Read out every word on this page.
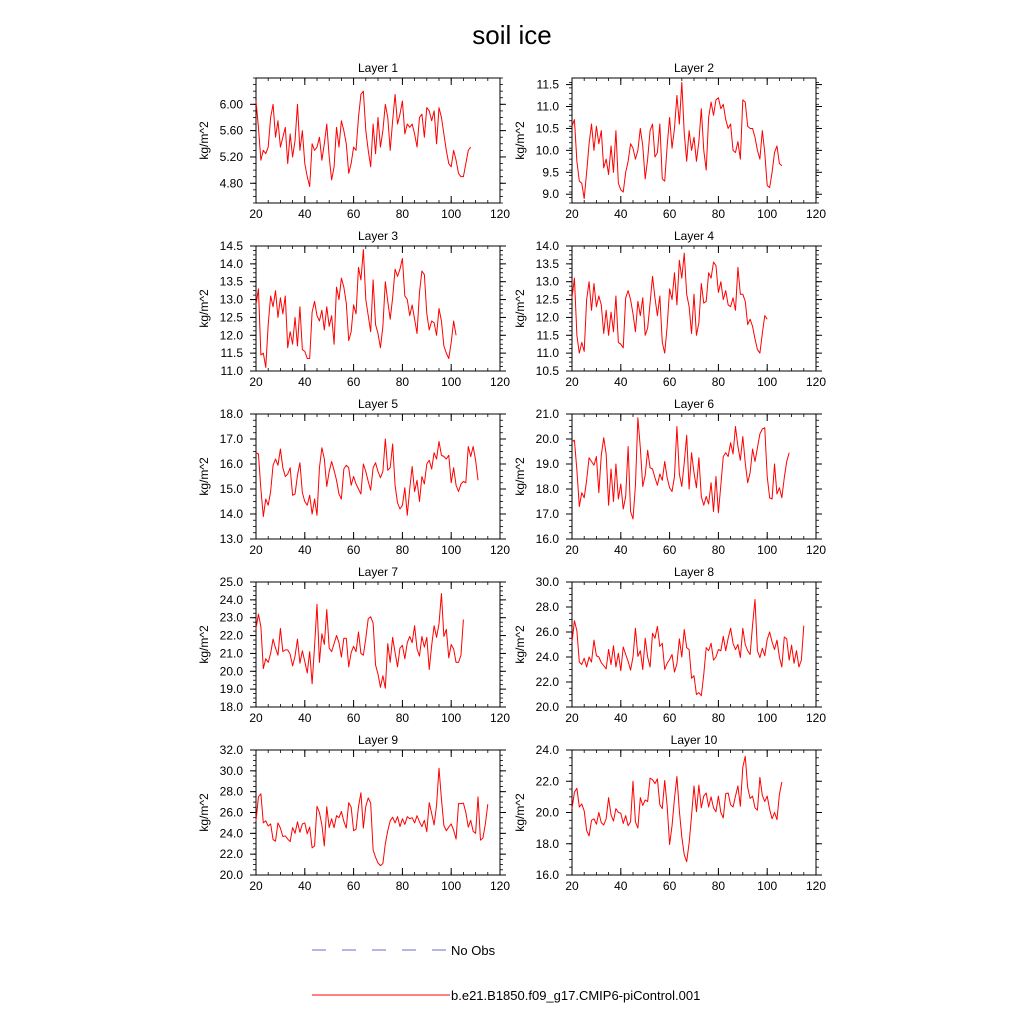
soil ice
Layer 1
kg/m^2
20	40	60	80	100 120
4.80
5.20
5.60
6.00
Layer 2
kg/m^2
20	40	60	80	100 120
9.0
9.5
10.0
10.5
11.0
11.5
Layer 3
kg/m^2
20	40	60	80	100 120
11.0
11.5
12.0
12.5
13.0
13.5
14.0
14.5
Layer 4
kg/m^2
20	40	60	80	100 120
10.5
11.0
11.5
12.0
12.5
13.0
13.5
14.0
Layer 5
kg/m^2
20	40	60	80	100 120
13.0
14.0
15.0
16.0
17.0
18.0
Layer 6
kg/m^2
20	40	60	80	100 120
16.0
17.0
18.0
19.0
20.0
21.0
Layer 7
kg/m^2
20	40	60	80	100 120
18.0
19.0
20.0
21.0
22.0
23.0
24.0
25.0
Layer 8
kg/m^2
20	40	60	80	100 120
20.0
22.0
24.0
26.0
28.0
30.0
Layer 9
kg/m^2
20	40	60	80	100 120
20.0
22.0
24.0
26.0
28.0
30.0
32.0
Layer 10
kg/m^2
20	40	60	80	100 120
16.0
18.0
20.0
22.0
24.0
No Obs
b.e21.B1850.f09_g17.CMIP6-piControl.001
